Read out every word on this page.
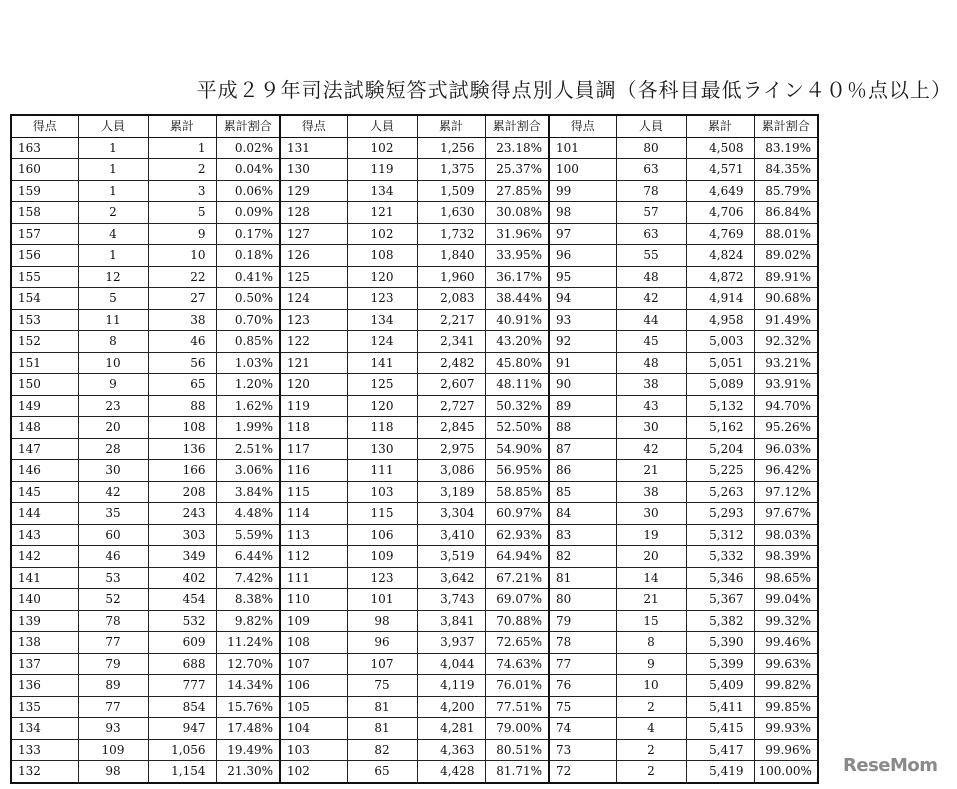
平成２９年司法試験短答式試験得点別人員調（各科目最低ライン４０％点以上）
得点	人員	累計	累計割合	得点	人員	累計	累計割合	得点	人員	累計	累計割合
163	1	1	0.02%	131	102	1,256	23.18%	101	80	4,508	83.19%
160	1	2	0.04%	130	119	1,375	25.37%	100	63	4,571	84.35%
159	1	3	0.06%	129	134	1,509	27.85%	99	78	4,649	85.79%
158	2	5	0.09%	128	121	1,630	30.08%	98	57	4,706	86.84%
157	4	9	0.17%	127	102	1,732	31.96%	97	63	4,769	88.01%
156	1	10	0.18%	126	108	1,840	33.95%	96	55	4,824	89.02%
155	12	22	0.41%	125	120	1,960	36.17%	95	48	4,872	89.91%
154	5	27	0.50%	124	123	2,083	38.44%	94	42	4,914	90.68%
153	11	38	0.70%	123	134	2,217	40.91%	93	44	4,958	91.49%
152	8	46	0.85%	122	124	2,341	43.20%	92	45	5,003	92.32%
151	10	56	1.03%	121	141	2,482	45.80%	91	48	5,051	93.21%
150	9	65	1.20%	120	125	2,607	48.11%	90	38	5,089	93.91%
149	23	88	1.62%	119	120	2,727	50.32%	89	43	5,132	94.70%
148	20	108	1.99%	118	118	2,845	52.50%	88	30	5,162	95.26%
147	28	136	2.51%	117	130	2,975	54.90%	87	42	5,204	96.03%
146	30	166	3.06%	116	111	3,086	56.95%	86	21	5,225	96.42%
145	42	208	3.84%	115	103	3,189	58.85%	85	38	5,263	97.12%
144	35	243	4.48%	114	115	3,304	60.97%	84	30	5,293	97.67%
143	60	303	5.59%	113	106	3,410	62.93%	83	19	5,312	98.03%
142	46	349	6.44%	112	109	3,519	64.94%	82	20	5,332	98.39%
141	53	402	7.42%	111	123	3,642	67.21%	81	14	5,346	98.65%
140	52	454	8.38%	110	101	3,743	69.07%	80	21	5,367	99.04%
139	78	532	9.82%	109	98	3,841	70.88%	79	15	5,382	99.32%
138	77	609	11.24%	108	96	3,937	72.65%	78	8	5,390	99.46%
137	79	688	12.70%	107	107	4,044	74.63%	77	9	5,399	99.63%
136	89	777	14.34%	106	75	4,119	76.01%	76	10	5,409	99.82%
135	77	854	15.76%	105	81	4,200	77.51%	75	2	5,411	99.85%
134	93	947	17.48%	104	81	4,281	79.00%	74	4	5,415	99.93%
133	109	1,056	19.49%	103	82	4,363	80.51%	73	2	5,417	99.96%
132	98	1,154	21.30%	102	65	4,428	81.71%	72	2	5,419	100.00% ReseMom
